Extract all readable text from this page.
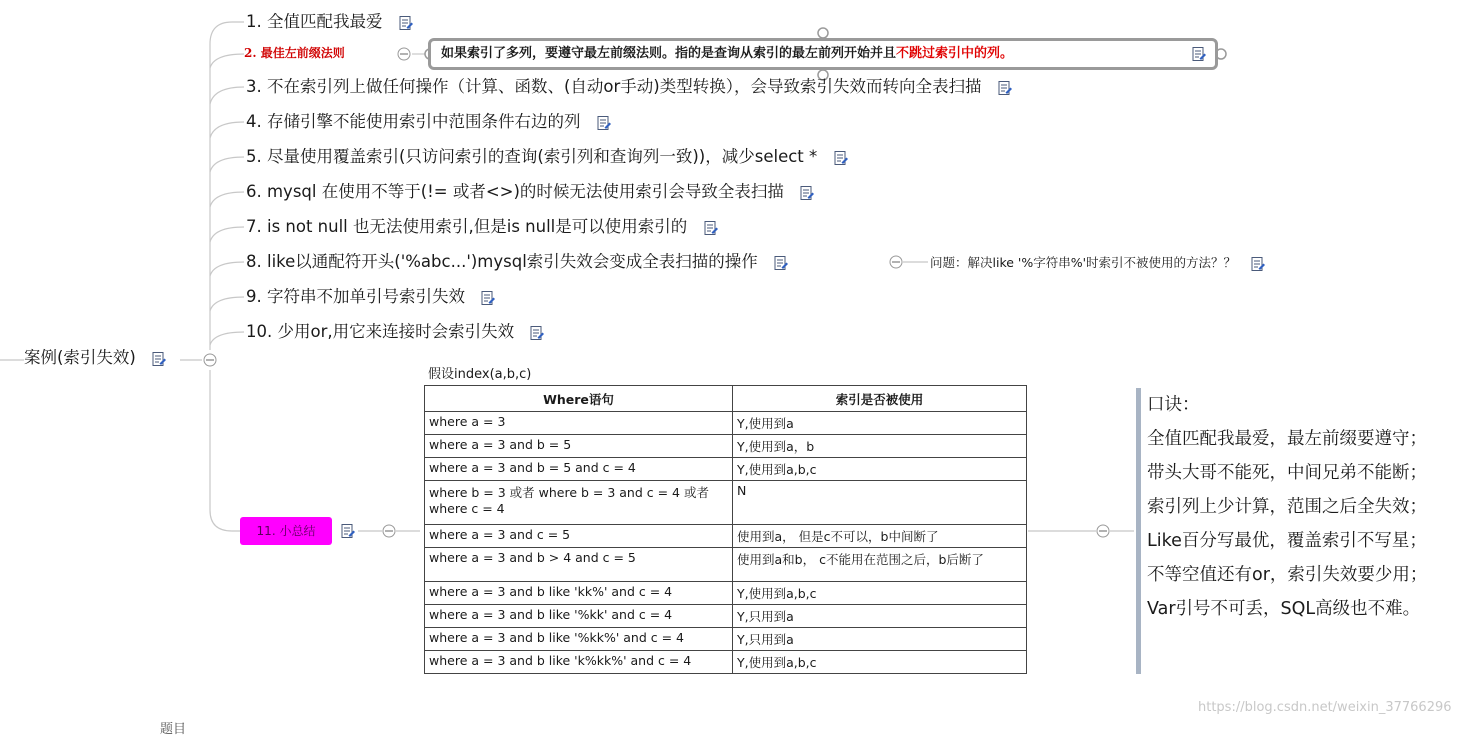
案例(索引失效)
1. 全值匹配我最爱
2. 最佳左前缀法则	如果索引了多列，要遵守最左前缀法则。指的是查询从索引的最左前列开始并且不跳过索引中的列。
3. 不在索引列上做任何操作（计算、函数、(自动or手动)类型转换），会导致索引失效而转向全表扫描
4. 存储引擎不能使用索引中范围条件右边的列
5. 尽量使用覆盖索引(只访问索引的查询(索引列和查询列一致))，减少select *
6. mysql 在使用不等于(!= 或者<>)的时候无法使用索引会导致全表扫描
7. is not null 也无法使用索引,但是is null是可以使用索引的
8. like以通配符开头('%abc...')mysql索引失效会变成全表扫描的操作	问题：解决like '%字符串%'时索引不被使用的方法？？
9. 字符串不加单引号索引失效
10. 少用or,用它来连接时会索引失效
11. 小总结
假设index(a,b,c)
Where语句	索引是否被使用
where a = 3	Y,使用到a
where a = 3 and b = 5	Y,使用到a，b
where a = 3 and b = 5 and c = 4	Y,使用到a,b,c
where b = 3 或者 where b = 3 and c = 4 或者 where c = 4	N
where a = 3 and c = 5	使用到a， 但是c不可以，b中间断了
where a = 3 and b > 4 and c = 5	使用到a和b， c不能用在范围之后，b后断了
where a = 3 and b like 'kk%' and c = 4	Y,使用到a,b,c
where a = 3 and b like '%kk' and c = 4	Y,只用到a
where a = 3 and b like '%kk%' and c = 4	Y,只用到a
where a = 3 and b like 'k%kk%' and c = 4	Y,使用到a,b,c
口诀：
全值匹配我最爱，最左前缀要遵守；
带头大哥不能死，中间兄弟不能断；
索引列上少计算，范围之后全失效；
Like百分写最优，覆盖索引不写星；
不等空值还有or，索引失效要少用；
Var引号不可丢，SQL高级也不难。
题目
https://blog.csdn.net/weixin_37766296
